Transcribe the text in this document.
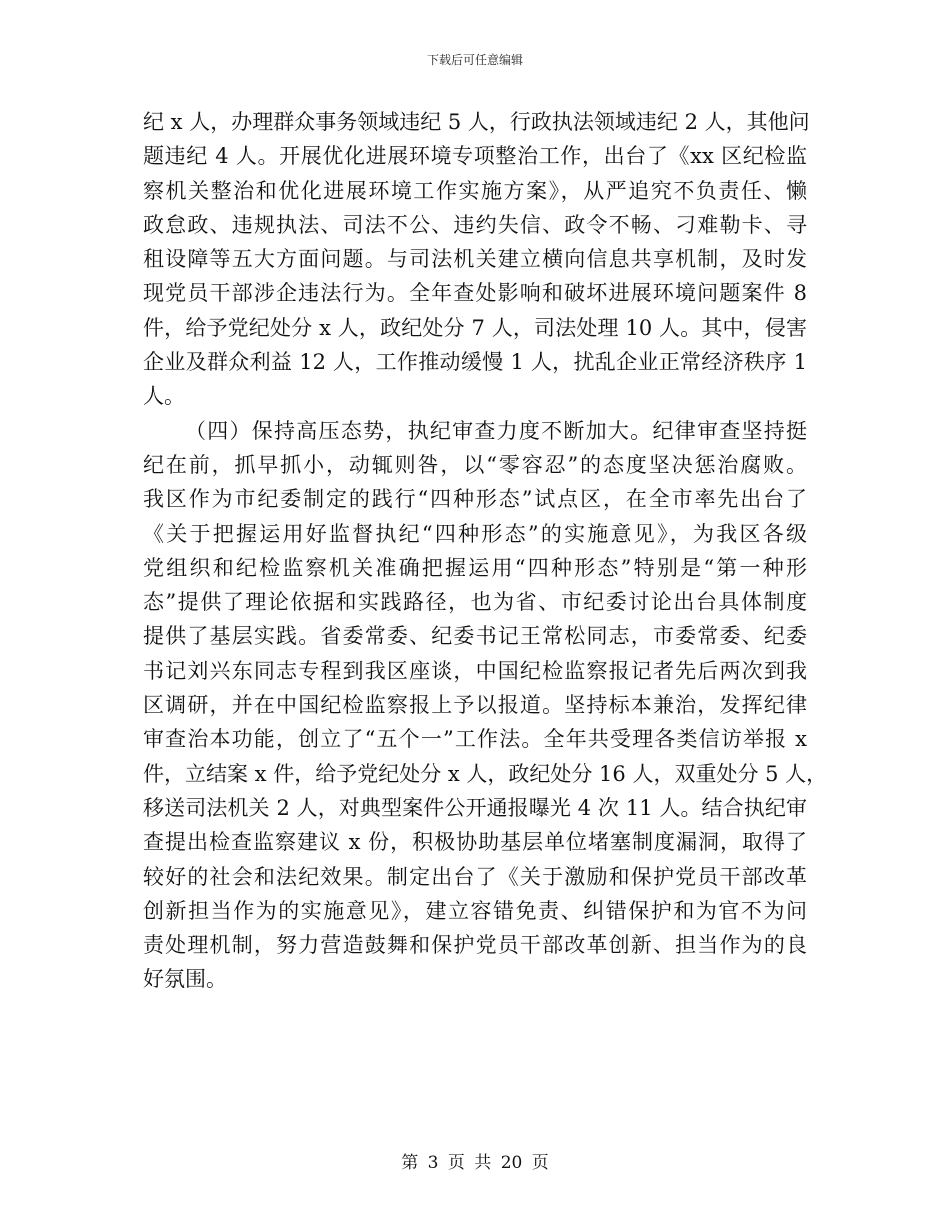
下载后可任意编辑
纪 x 人，办理群众事务领域违纪 5 人，行政执法领域违纪 2 人，其他问
题违纪 4 人。开展优化进展环境专项整治工作，出台了《xx 区纪检监
察机关整治和优化进展环境工作实施方案》，从严追究不负责任、懒
政怠政、违规执法、司法不公、违约失信、政令不畅、刁难勒卡、寻
租设障等五大方面问题。与司法机关建立横向信息共享机制，及时发
现党员干部涉企违法行为。全年查处影响和破坏进展环境问题案件 8
件，给予党纪处分 x 人，政纪处分 7 人，司法处理 10 人。其中，侵害
企业及群众利益 12 人，工作推动缓慢 1 人，扰乱企业正常经济秩序 1
人。
（四）保持高压态势，执纪审查力度不断加大。纪律审查坚持挺
纪在前，抓早抓小，动辄则咎，以“零容忍”的态度坚决惩治腐败。
我区作为市纪委制定的践行“四种形态”试点区，在全市率先出台了
《关于把握运用好监督执纪“四种形态”的实施意见》，为我区各级
党组织和纪检监察机关准确把握运用“四种形态”特别是“第一种形
态”提供了理论依据和实践路径，也为省、市纪委讨论出台具体制度
提供了基层实践。省委常委、纪委书记王常松同志，市委常委、纪委
书记刘兴东同志专程到我区座谈，中国纪检监察报记者先后两次到我
区调研，并在中国纪检监察报上予以报道。坚持标本兼治，发挥纪律
审查治本功能，创立了“五个一”工作法。全年共受理各类信访举报 x
件，立结案 x 件，给予党纪处分 x 人，政纪处分 16 人，双重处分 5 人，
移送司法机关 2 人，对典型案件公开通报曝光 4 次 11 人。结合执纪审
查提出检查监察建议 x 份，积极协助基层单位堵塞制度漏洞，取得了
较好的社会和法纪效果。制定出台了《关于激励和保护党员干部改革
创新担当作为的实施意见》，建立容错免责、纠错保护和为官不为问
责处理机制，努力营造鼓舞和保护党员干部改革创新、担当作为的良
好氛围。
第 3 页 共 20 页
